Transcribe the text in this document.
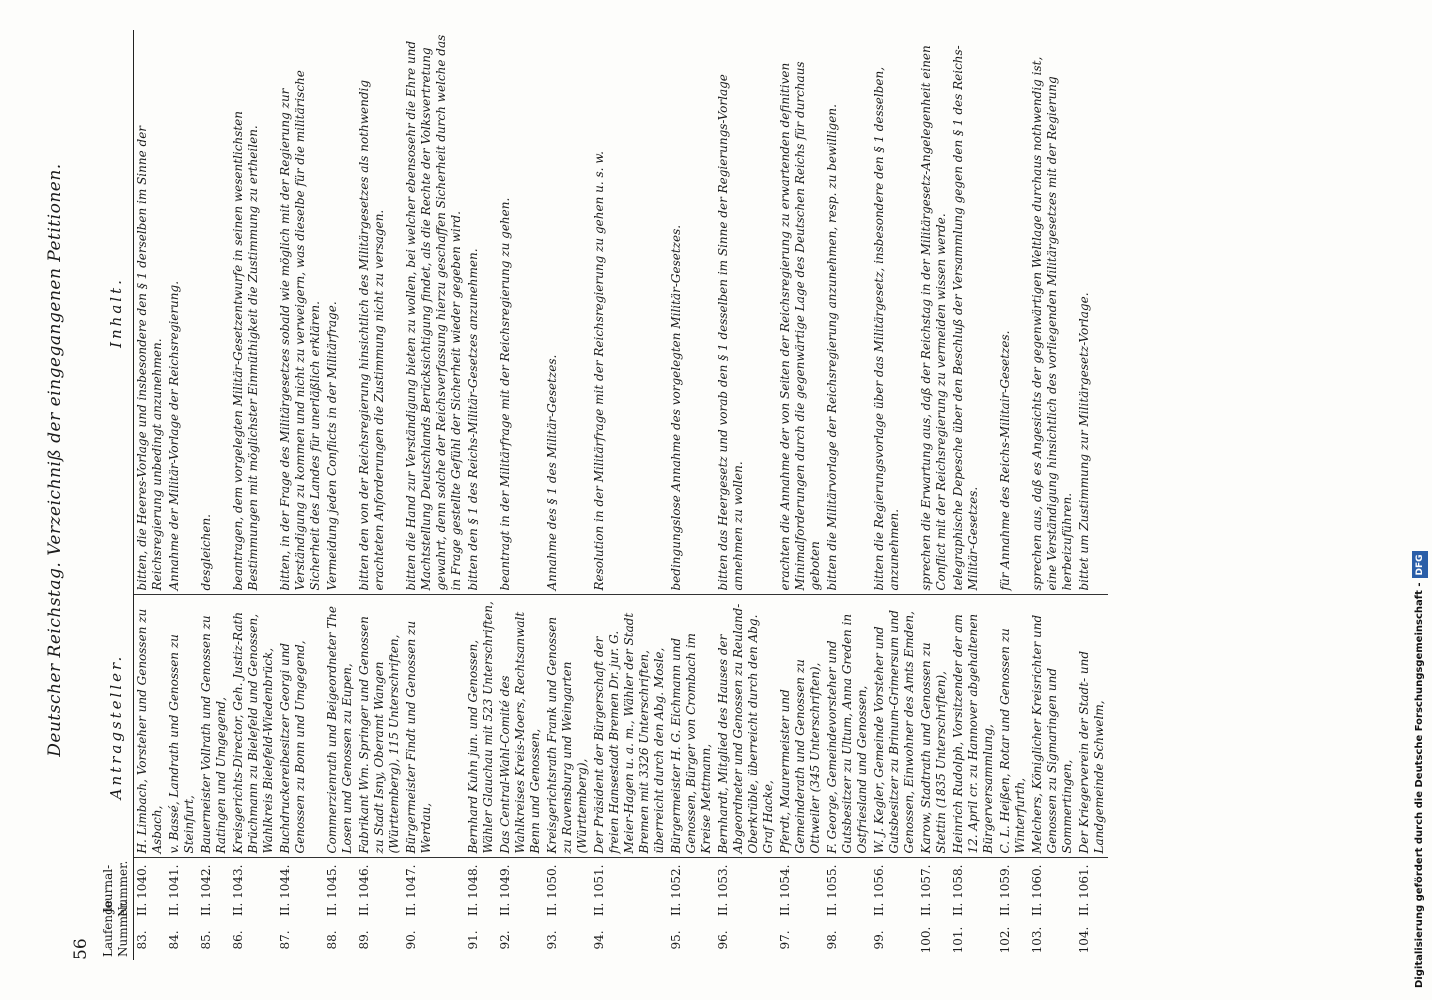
56
Deutscher Reichstag. Verzeichniß der eingegangenen Petitionen.
Laufende Nummer.	Journal-Nummer.	Antragsteller.	Inhalt.
83.	II. 1040.	H. Limbach, Vorsteher und Genossen zu Asbach,	bitten, die Heeres-Vorlage und insbesondere den § 1 derselben im Sinne der Reichsregierung unbedingt anzunehmen.
84.	II. 1041.	v. Bassé, Landrath und Genossen zu Steinfurt,	Annahme der Militär-Vorlage der Reichsregierung.
85.	II. 1042.	Bauerneister Vollrath und Genossen zu Ratingen und Umgegend,	desgleichen.
86.	II. 1043.	Kreisgerichts-Director, Geh. Justiz-Rath Brüchmann zu Bielefeld und Genossen, Wahlkreis Bielefeld-Wiedenbrück,	beantragen, dem vorgelegten Militär-Gesetzentwurfe in seinen wesentlichsten Bestimmungen mit möglichster Einmüthigkeit die Zustimmung zu ertheilen.
87.	II. 1044.	Buchdruckereibesitzer Georgi und Genossen zu Bonn und Umgegend,	bitten, in der Frage des Militärgesetzes sobald wie möglich mit der Regierung zur Verständigung zu kommen und nicht zu verweigern, was dieselbe für die militärische Sicherheit des Landes für unerläßlich erklären.
88.	II. 1045.	Commerzienrath und Beigeordneter The Losen und Genossen zu Eupen,	Vermeidung jeden Conflicts in der Militärfrage.
89.	II. 1046.	Fabrikant Wm. Springer und Genossen zu Stadt Isny, Oberamt Wangen (Württemberg), 115 Unterschriften,	bitten den von der Reichsregierung hinsichtlich des Militärgesetzes als nothwendig erachteten Anforderungen die Zustimmung nicht zu versagen.
90.	II. 1047.	Bürgermeister Findt und Genossen zu Werdau,	bitten die Hand zur Verständigung bieten zu wollen, bei welcher ebensosehr die Ehre und Machtstellung Deutschlands Berücksichtigung findet, als die Rechte der Volksvertretung gewahrt, denn solche der Reichsverfassung hierzu geschaffen Sicherheit durch welche das in Frage gestellte Gefühl der Sicherheit wieder gegeben wird.
91.	II. 1048.	Bernhard Kuhn jun. und Genossen, Wähler Glauchau mit 523 Unterschriften,	bitten den § 1 des Reichs-Militär-Gesetzes anzunehmen.
92.	II. 1049.	Das Central-Wahl-Comité des Wahlkreises Kreis-Moers, Rechtsanwalt Benn und Genossen,	beantragt in der Militärfrage mit der Reichsregierung zu gehen.
93.	II. 1050.	Kreisgerichtsrath Frank und Genossen zu Ravensburg und Weingarten (Württemberg),	Annahme des § 1 des Militär-Gesetzes.
94.	II. 1051.	Der Präsident der Bürgerschaft der freien Hansestadt Bremen Dr. jur. G. Meier-Hagen u. a. m., Wähler der Stadt Bremen mit 3326 Unterschriften, überreicht durch den Abg. Mosle,	Resolution in der Militärfrage mit der Reichsregierung zu gehen u. s. w.
95.	II. 1052.	Bürgermeister H. G. Eichmann und Genossen, Bürger von Crombach im Kreise Mettmann,	bedingungslose Annahme des vorgelegten Militär-Gesetzes.
96.	II. 1053.	Bernhardt, Mitglied des Hauses der Abgeordneter und Genossen zu Reuland-Oberkrüble, überreicht durch den Abg. Graf Hacke,	bitten das Heergesetz und vorab den § 1 desselben im Sinne der Regierungs-Vorlage annehmen zu wollen.
97.	II. 1054.	Pferdt, Maurermeister und Gemeinderath und Genossen zu Ottweiler (345 Unterschriften),	erachten die Annahme der von Seiten der Reichsregierung zu erwartenden definitiven Minimalforderungen durch die gegenwärtige Lage des Deutschen Reichs für durchaus geboten
98.	II. 1055.	F. George, Gemeindevorsteher und Gutsbesitzer zu Ultum, Anna Greden in Ostfriesland und Genossen,	bitten die Militärvorlage der Reichsregierung anzunehmen, resp. zu bewilligen.
99.	II. 1056.	W. J. Kegler, Gemeinde Vorsteher und Gutsbesitzer zu Brinum-Grimersum und Genossen, Einwohner des Amts Emden,	bitten die Regierungsvorlage über das Militärgesetz, insbesondere den § 1 desselben, anzunehmen.
100.	II. 1057.	Karow, Stadtrath und Genossen zu Stettin (1835 Unterschriften),	sprechen die Erwartung aus, daß der Reichstag in der Militärgesetz-Angelegenheit einen Conflict mit der Reichsregierung zu vermeiden wissen werde.
101.	II. 1058.	Heinrich Rudolph, Vorsitzender der am 12. April cr. zu Hannover abgehaltenen Bürgerversammlung,	telegraphische Depesche über den Beschluß der Versammlung gegen den § 1 des Reichs-Militär-Gesetzes.
102.	II. 1059.	C. L. Heißen, Rotar und Genossen zu Winterfurth,	für Annahme des Reichs-Militair-Gesetzes.
103.	II. 1060.	Melchers, Königlicher Kreisrichter und Genossen zu Sigmaringen und Sommertingen,	sprechen aus, daß es Angesichts der gegenwärtigen Weltlage durchaus nothwendig ist, eine Verständigung hinsichtlich des vorliegenden Militärgesetzes mit der Regierung herbeizuführen.
104.	II. 1061.	Der Kriegerverein der Stadt- und Landgemeinde Schwelm,	bittet um Zustimmung zur Militärgesetz-Vorlage.
Digitalisierung gefördert durch die Deutsche Forschungsgemeinschaft -DFG
